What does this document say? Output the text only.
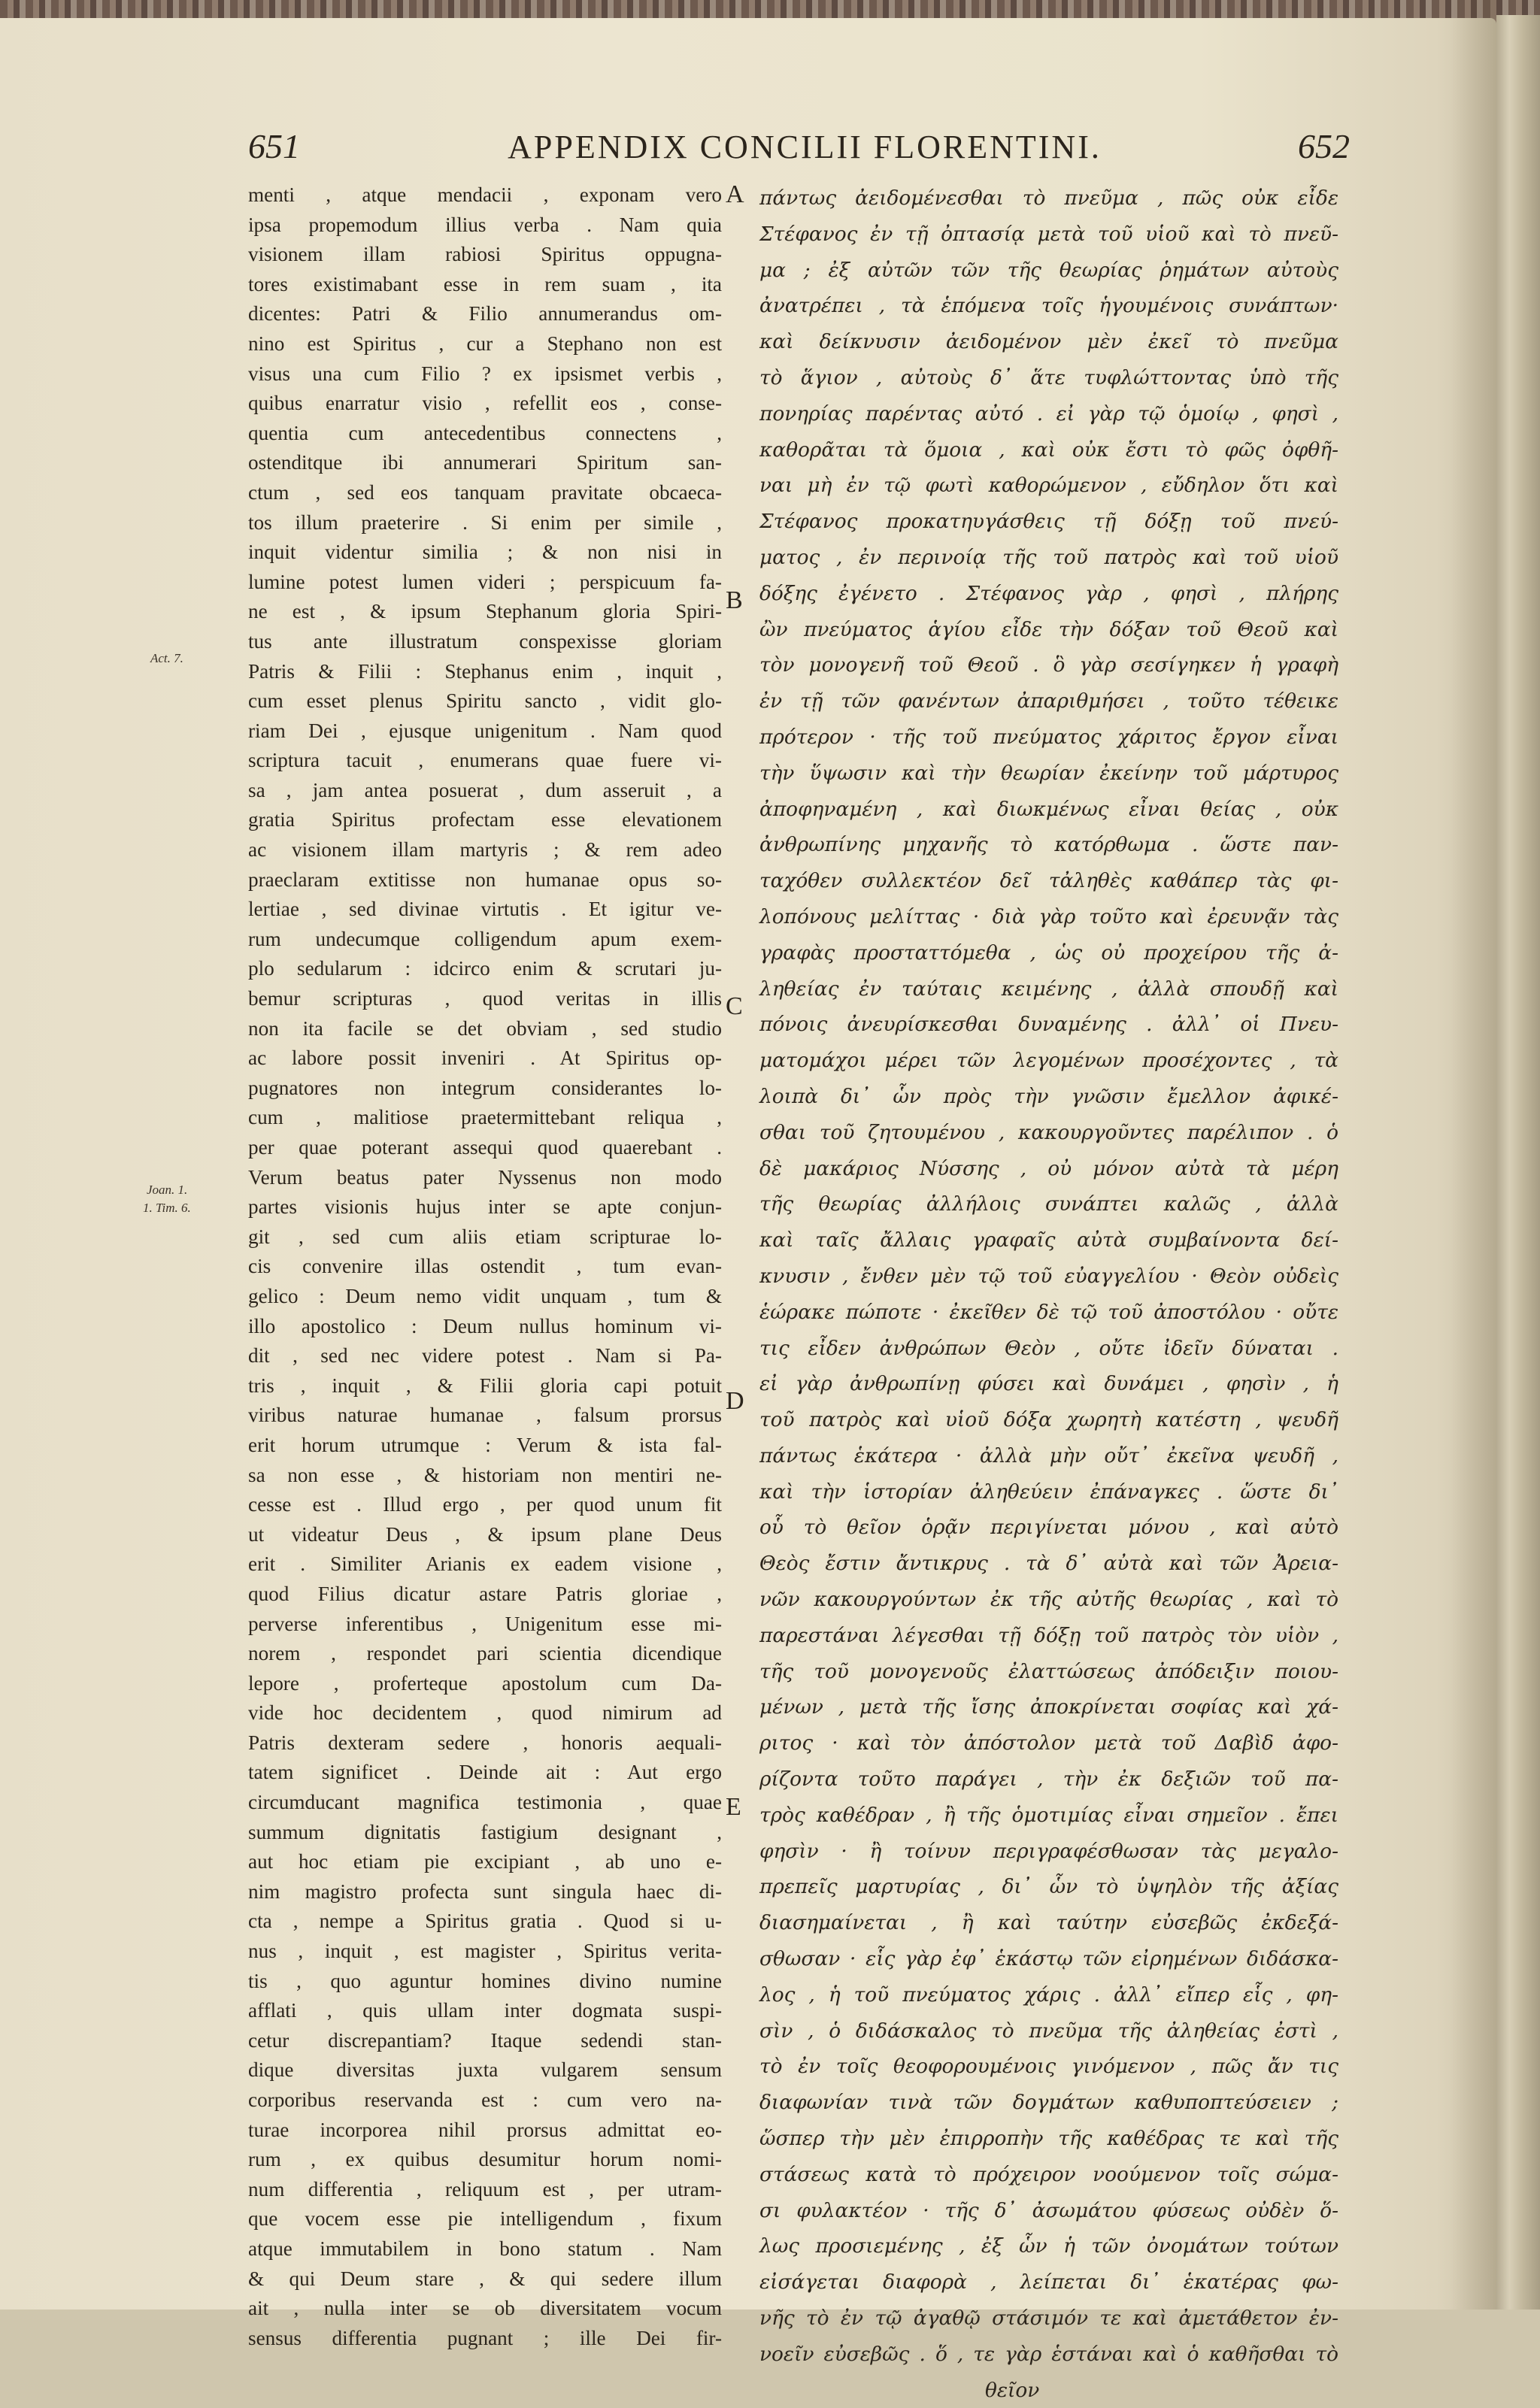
651	APPENDIX CONCILII FLORENTINI.	652
Act. 7.
Joan. 1.
1. Tim. 6.
A
B
C
D
E
menti , atque mendacii , exponam vero
ipsa propemodum illius verba . Nam quia
visionem illam rabiosi Spiritus oppugna-
tores existimabant esse in rem suam , ita
dicentes: Patri & Filio annumerandus om-
nino est Spiritus , cur a Stephano non est
visus una cum Filio ? ex ipsismet verbis ,
quibus enarratur visio , refellit eos , conse-
quentia cum antecedentibus connectens ,
ostenditque ibi annumerari Spiritum san-
ctum , sed eos tanquam pravitate obcaeca-
tos illum praeterire . Si enim per simile ,
inquit videntur similia ; & non nisi in
lumine potest lumen videri ; perspicuum fa-
ne est , & ipsum Stephanum gloria Spiri-
tus ante illustratum conspexisse gloriam
Patris & Filii : Stephanus enim , inquit ,
cum esset plenus Spiritu sancto , vidit glo-
riam Dei , ejusque unigenitum . Nam quod
scriptura tacuit , enumerans quae fuere vi-
sa , jam antea posuerat , dum asseruit , a
gratia Spiritus profectam esse elevationem
ac visionem illam martyris ; & rem adeo
praeclaram extitisse non humanae opus so-
lertiae , sed divinae virtutis . Et igitur ve-
rum undecumque colligendum apum exem-
plo sedularum : idcirco enim & scrutari ju-
bemur scripturas , quod veritas in illis
non ita facile se det obviam , sed studio
ac labore possit inveniri . At Spiritus op-
pugnatores non integrum considerantes lo-
cum , malitiose praetermittebant reliqua ,
per quae poterant assequi quod quaerebant .
Verum beatus pater Nyssenus non modo
partes visionis hujus inter se apte conjun-
git , sed cum aliis etiam scripturae lo-
cis convenire illas ostendit , tum evan-
gelico : Deum nemo vidit unquam , tum &
illo apostolico : Deum nullus hominum vi-
dit , sed nec videre potest . Nam si Pa-
tris , inquit , & Filii gloria capi potuit
viribus naturae humanae , falsum prorsus
erit horum utrumque : Verum & ista fal-
sa non esse , & historiam non mentiri ne-
cesse est . Illud ergo , per quod unum fit
ut videatur Deus , & ipsum plane Deus
erit . Similiter Arianis ex eadem visione ,
quod Filius dicatur astare Patris gloriae ,
perverse inferentibus , Unigenitum esse mi-
norem , respondet pari scientia dicendique
lepore , proferteque apostolum cum Da-
vide hoc decidentem , quod nimirum ad
Patris dexteram sedere , honoris aequali-
tatem significet . Deinde ait : Aut ergo
circumducant magnifica testimonia , quae
summum dignitatis fastigium designant ,
aut hoc etiam pie excipiant , ab uno e-
nim magistro profecta sunt singula haec di-
cta , nempe a Spiritus gratia . Quod si u-
nus , inquit , est magister , Spiritus verita-
tis , quo aguntur homines divino numine
afflati , quis ullam inter dogmata suspi-
cetur discrepantiam? Itaque sedendi stan-
dique diversitas juxta vulgarem sensum
corporibus reservanda est : cum vero na-
turae incorporea nihil prorsus admittat eo-
rum , ex quibus desumitur horum nomi-
num differentia , reliquum est , per utram-
que vocem esse pie intelligendum , fixum
atque immutabilem in bono statum . Nam
& qui Deum stare , & qui sedere illum
ait , nulla inter se ob diversitatem vocum
sensus differentia pugnant ; ille Dei fir-
πάντως ἀειδομένεσθαι τὸ πνεῦμα , πῶς οὐκ εἶδε
Στέφανος ἐν τῇ ὀπτασίᾳ μετὰ τοῦ υἱοῦ καὶ τὸ πνεῦ-
μα ; ἐξ αὐτῶν τῶν τῆς θεωρίας ῥημάτων αὐτοὺς
ἀνατρέπει , τὰ ἑπόμενα τοῖς ἡγουμένοις συνάπτων·
καὶ δείκνυσιν ἀειδομένον μὲν ἐκεῖ τὸ πνεῦμα
τὸ ἅγιον , αὐτοὺς δ᾽ ἅτε τυφλώττοντας ὑπὸ τῆς
πονηρίας παρέντας αὐτό . εἰ γὰρ τῷ ὁμοίῳ , φησὶ ,
καθορᾶται τὰ ὅμοια , καὶ οὐκ ἔστι τὸ φῶς ὀφθῆ-
ναι μὴ ἐν τῷ φωτὶ καθορώμενον , εὔδηλον ὅτι καὶ
Στέφανος προκατηυγάσθεις τῇ δόξῃ τοῦ πνεύ-
ματος , ἐν περινοίᾳ τῆς τοῦ πατρὸς καὶ τοῦ υἱοῦ
δόξης ἐγένετο . Στέφανος γὰρ , φησὶ , πλήρης
ὢν πνεύματος ἁγίου εἶδε τὴν δόξαν τοῦ Θεοῦ καὶ
τὸν μονογενῆ τοῦ Θεοῦ . ὃ γὰρ σεσίγηκεν ἡ γραφὴ
ἐν τῇ τῶν φανέντων ἀπαριθμήσει , τοῦτο τέθεικε
πρότερον · τῆς τοῦ πνεύματος χάριτος ἔργον εἶναι
τὴν ὕψωσιν καὶ τὴν θεωρίαν ἐκείνην τοῦ μάρτυρος
ἀποφηναμένη , καὶ διωκμένως εἶναι θείας , οὐκ
ἀνθρωπίνης μηχανῆς τὸ κατόρθωμα . ὥστε παν-
ταχόθεν συλλεκτέον δεῖ τἀληθὲς καθάπερ τὰς φι-
λοπόνους μελίττας · διὰ γὰρ τοῦτο καὶ ἐρευνᾷν τὰς
γραφὰς προσταττόμεθα , ὡς οὐ προχείρου τῆς ἀ-
ληθείας ἐν ταύταις κειμένης , ἀλλὰ σπουδῇ καὶ
πόνοις ἀνευρίσκεσθαι δυναμένης . ἀλλ᾽ οἱ Πνευ-
ματομάχοι μέρει τῶν λεγομένων προσέχοντες , τὰ
λοιπὰ δι᾽ ὧν πρὸς τὴν γνῶσιν ἔμελλον ἀφικέ-
σθαι τοῦ ζητουμένου , κακουργοῦντες παρέλιπον . ὁ
δὲ μακάριος Νύσσης , οὐ μόνον αὐτὰ τὰ μέρη
τῆς θεωρίας ἀλλήλοις συνάπτει καλῶς , ἀλλὰ
καὶ ταῖς ἄλλαις γραφαῖς αὐτὰ συμβαίνοντα δεί-
κνυσιν , ἔνθεν μὲν τῷ τοῦ εὐαγγελίου · Θεὸν οὐδεὶς
ἑώρακε πώποτε · ἐκεῖθεν δὲ τῷ τοῦ ἀποστόλου · οὔτε
τις εἶδεν ἀνθρώπων Θεὸν , οὔτε ἰδεῖν δύναται .
εἰ γὰρ ἀνθρωπίνῃ φύσει καὶ δυνάμει , φησὶν , ἡ
τοῦ πατρὸς καὶ υἱοῦ δόξα χωρητὴ κατέστη , ψευδῆ
πάντως ἑκάτερα · ἀλλὰ μὴν οὔτ᾽ ἐκεῖνα ψευδῆ ,
καὶ τὴν ἱστορίαν ἀληθεύειν ἐπάναγκες . ὥστε δι᾽
οὗ τὸ θεῖον ὁρᾷν περιγίνεται μόνου , καὶ αὐτὸ
Θεὸς ἔστιν ἄντικρυς . τὰ δ᾽ αὐτὰ καὶ τῶν Ἀρεια-
νῶν κακουργούντων ἐκ τῆς αὐτῆς θεωρίας , καὶ τὸ
παρεστάναι λέγεσθαι τῇ δόξῃ τοῦ πατρὸς τὸν υἱὸν ,
τῆς τοῦ μονογενοῦς ἐλαττώσεως ἀπόδειξιν ποιου-
μένων , μετὰ τῆς ἴσης ἀποκρίνεται σοφίας καὶ χά-
ριτος · καὶ τὸν ἀπόστολον μετὰ τοῦ Δαβὶδ ἀφο-
ρίζοντα τοῦτο παράγει , τὴν ἐκ δεξιῶν τοῦ πα-
τρὸς καθέδραν , ἢ τῆς ὁμοτιμίας εἶναι σημεῖον . ἔπει
φησὶν · ἢ τοίνυν περιγραφέσθωσαν τὰς μεγαλο-
πρεπεῖς μαρτυρίας , δι᾽ ὧν τὸ ὑψηλὸν τῆς ἀξίας
διασημαίνεται , ἢ καὶ ταύτην εὐσεβῶς ἐκδεξά-
σθωσαν · εἷς γὰρ ἐφ᾽ ἑκάστῳ τῶν εἰρημένων διδάσκα-
λος , ἡ τοῦ πνεύματος χάρις . ἀλλ᾽ εἴπερ εἷς , φη-
σὶν , ὁ διδάσκαλος τὸ πνεῦμα τῆς ἀληθείας ἐστὶ ,
τὸ ἐν τοῖς θεοφορουμένοις γινόμενον , πῶς ἄν τις
διαφωνίαν τινὰ τῶν δογμάτων καθυποπτεύσειεν ;
ὥσπερ τὴν μὲν ἐπιρροπὴν τῆς καθέδρας τε καὶ τῆς
στάσεως κατὰ τὸ πρόχειρον νοούμενον τοῖς σώμα-
σι φυλακτέον · τῆς δ᾽ ἀσωμάτου φύσεως οὐδὲν ὅ-
λως προσιεμένης , ἐξ ὧν ἡ τῶν ὀνομάτων τούτων
εἰσάγεται διαφορὰ , λείπεται δι᾽ ἑκατέρας φω-
νῆς τὸ ἐν τῷ ἀγαθῷ στάσιμόν τε καὶ ἀμετάθετον ἐν-
νοεῖν εὐσεβῶς . ὅ , τε γὰρ ἑστάναι καὶ ὁ καθῆσθαι τὸ
θεῖον
